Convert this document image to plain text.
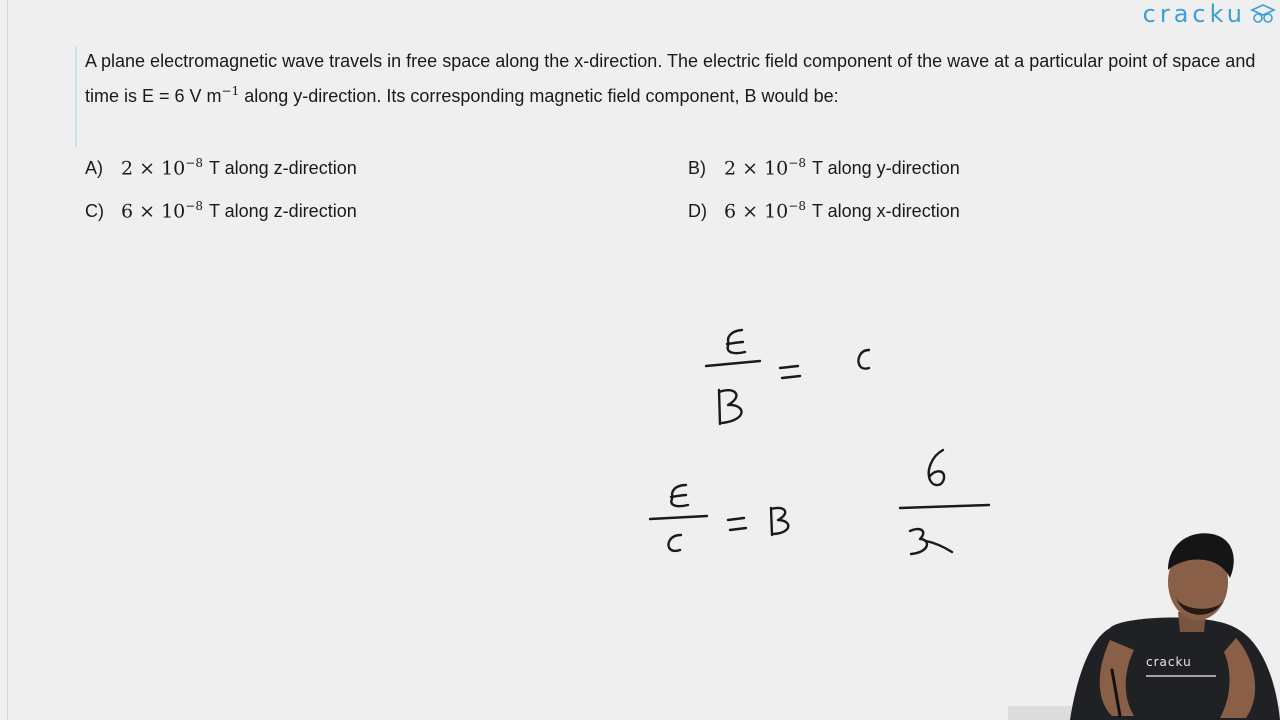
cracku
A plane electromagnetic wave travels in free space along the x-direction. The electric field component of the wave at a particular point of space and time is E = 6 V $m^{-1}$ along y-direction. Its corresponding magnetic field component, B would be:
A) $2 \times 10^{-8}$ T along z-direction	B) $2 \times 10^{-8}$ T along y-direction
C) $6 \times 10^{-8}$ T along z-direction	D) $6 \times 10^{-8}$ T along x-direction
cracku
